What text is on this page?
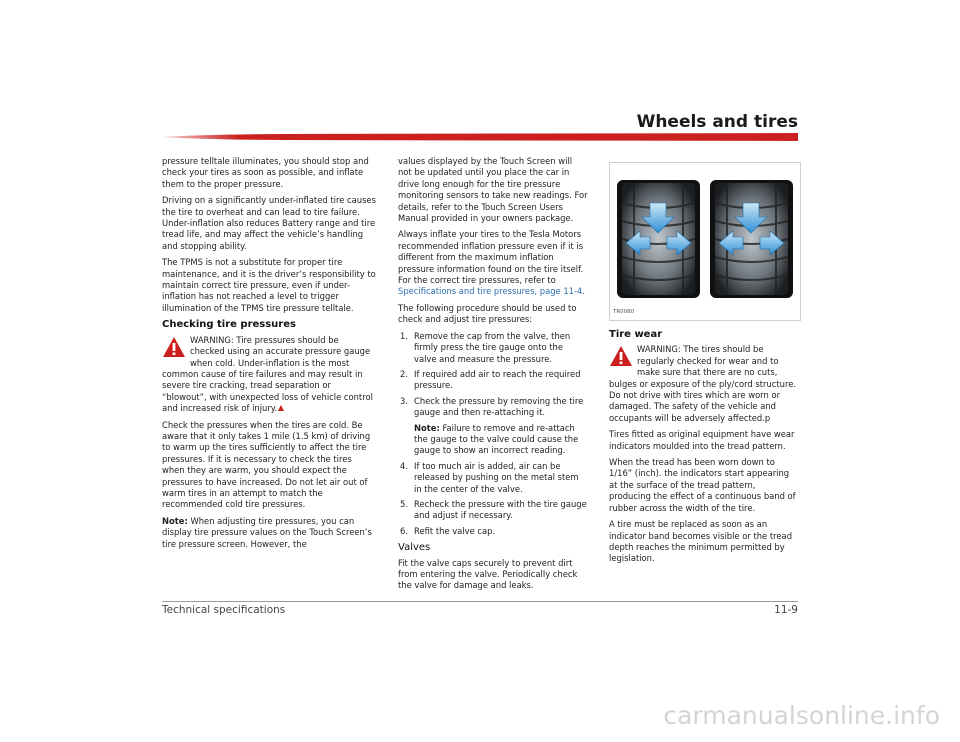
Wheels and tires

pressure telltale illuminates, you should stop and check your tires as soon as possible, and inflate them to the proper pressure.

Driving on a significantly under-inflated tire causes the tire to overheat and can lead to tire failure. Under-inflation also reduces Battery range and tire tread life, and may affect the vehicle’s handling and stopping ability.

The TPMS is not a substitute for proper tire maintenance, and it is the driver’s responsibility to maintain correct tire pressure, even if under-inflation has not reached a level to trigger illumination of the TPMS tire pressure telltale.

Checking tire pressures
WARNING: Tire pressures should be checked using an accurate pressure gauge when cold. Under-inflation is the most common cause of tire failures and may result in severe tire cracking, tread separation or “blowout”, with unexpected loss of vehicle control and increased risk of injury.

Check the pressures when the tires are cold. Be aware that it only takes 1 mile (1.5 km) of driving to warm up the tires sufficiently to affect the tire pressures. If it is necessary to check the tires when they are warm, you should expect the pressures to have increased. Do not let air out of warm tires in an attempt to match the recommended cold tire pressures.

Note: When adjusting tire pressures, you can display tire pressure values on the Touch Screen’s tire pressure screen. However, the

values displayed by the Touch Screen will not be updated until you place the car in drive long enough for the tire pressure monitoring sensors to take new readings. For details, refer to the Touch Screen Users Manual provided in your owners package.

Always inflate your tires to the Tesla Motors recommended inflation pressure even if it is different from the maximum inflation pressure information found on the tire itself. For the correct tire pressures, refer to Specifications and tire pressures, page 11-4.

The following procedure should be used to check and adjust tire pressures:

1. Remove the cap from the valve, then firmly press the tire gauge onto the valve and measure the pressure.
2. If required add air to reach the required pressure.
3. Check the pressure by removing the tire gauge and then re-attaching it.
Note: Failure to remove and re-attach the gauge to the valve could cause the gauge to show an incorrect reading.
4. If too much air is added, air can be released by pushing on the metal stem in the center of the valve.
5. Recheck the pressure with the tire gauge and adjust if necessary.
6. Refit the valve cap.
Valves

Fit the valve caps securely to prevent dirt from entering the valve. Periodically check the valve for damage and leaks.

TR0080
Tire wear
WARNING: The tires should be regularly checked for wear and to make sure that there are no cuts, bulges or exposure of the ply/cord structure. Do not drive with tires which are worn or damaged. The safety of the vehicle and occupants will be adversely affected.p

Tires fitted as original equipment have wear indicators moulded into the tread pattern.

When the tread has been worn down to 1/16” (inch). the indicators start appearing at the surface of the tread pattern, producing the effect of a continuous band of rubber across the width of the tire.

A tire must be replaced as soon as an indicator band becomes visible or the tread depth reaches the minimum permitted by legislation.

Technical specifications	11-9
carmanualsonline.info
